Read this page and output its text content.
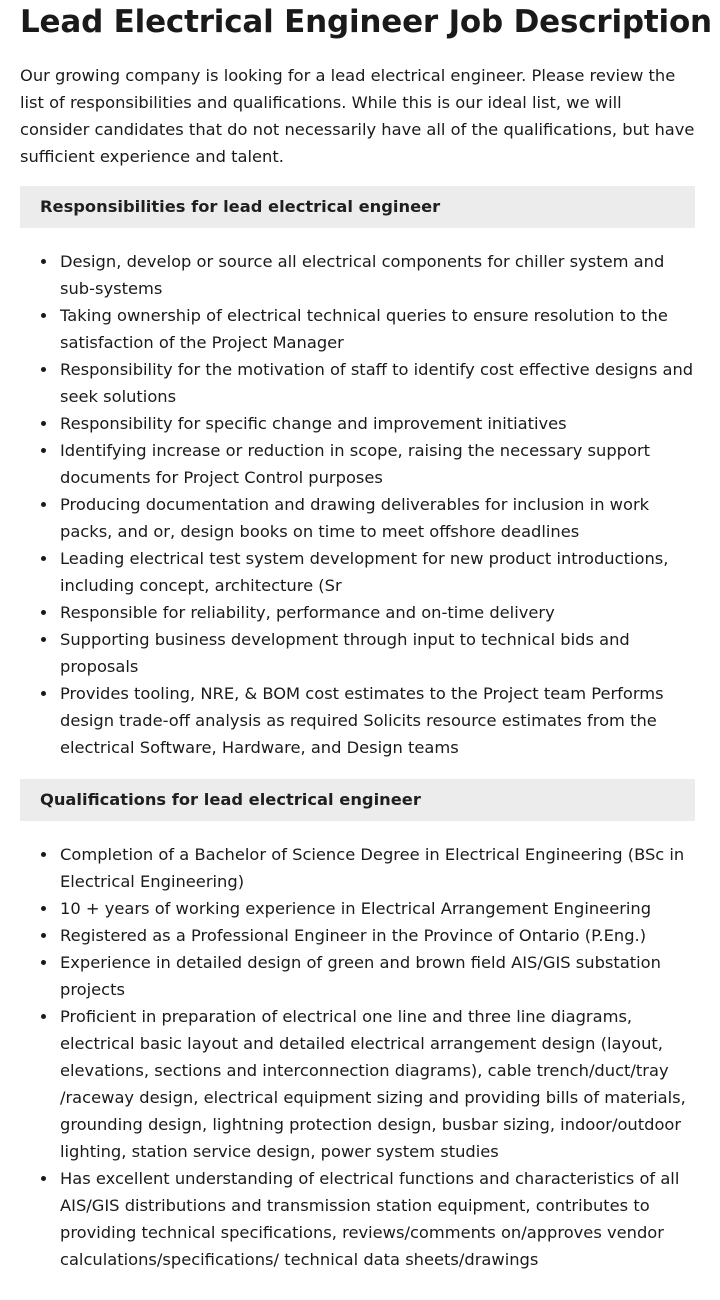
Lead Electrical Engineer Job Description

Our growing company is looking for a lead electrical engineer. Please review the list of responsibilities and qualifications. While this is our ideal list, we will consider candidates that do not necessarily have all of the qualifications, but have sufficient experience and talent.

Responsibilities for lead electrical engineer
Design, develop or source all electrical components for chiller system and sub-systems
Taking ownership of electrical technical queries to ensure resolution to the satisfaction of the Project Manager
Responsibility for the motivation of staff to identify cost effective designs and seek solutions
Responsibility for specific change and improvement initiatives
Identifying increase or reduction in scope, raising the necessary support documents for Project Control purposes
Producing documentation and drawing deliverables for inclusion in work packs, and or, design books on time to meet offshore deadlines
Leading electrical test system development for new product introductions, including concept, architecture (Sr
Responsible for reliability, performance and on-time delivery
Supporting business development through input to technical bids and proposals
Provides tooling, NRE, & BOM cost estimates to the Project team Performs design trade-off analysis as required Solicits resource estimates from the electrical Software, Hardware, and Design teams
Qualifications for lead electrical engineer
Completion of a Bachelor of Science Degree in Electrical Engineering (BSc in Electrical Engineering)
10 + years of working experience in Electrical Arrangement Engineering
Registered as a Professional Engineer in the Province of Ontario (P.Eng.)
Experience in detailed design of green and brown field AIS/GIS substation projects
Proficient in preparation of electrical one line and three line diagrams, electrical basic layout and detailed electrical arrangement design (layout, elevations, sections and interconnection diagrams), cable trench/duct/tray /raceway design, electrical equipment sizing and providing bills of materials, grounding design, lightning protection design, busbar sizing, indoor/outdoor lighting, station service design, power system studies
Has excellent understanding of electrical functions and characteristics of all AIS/GIS distributions and transmission station equipment, contributes to providing technical specifications, reviews/comments on/approves vendor calculations/specifications/ technical data sheets/drawings
